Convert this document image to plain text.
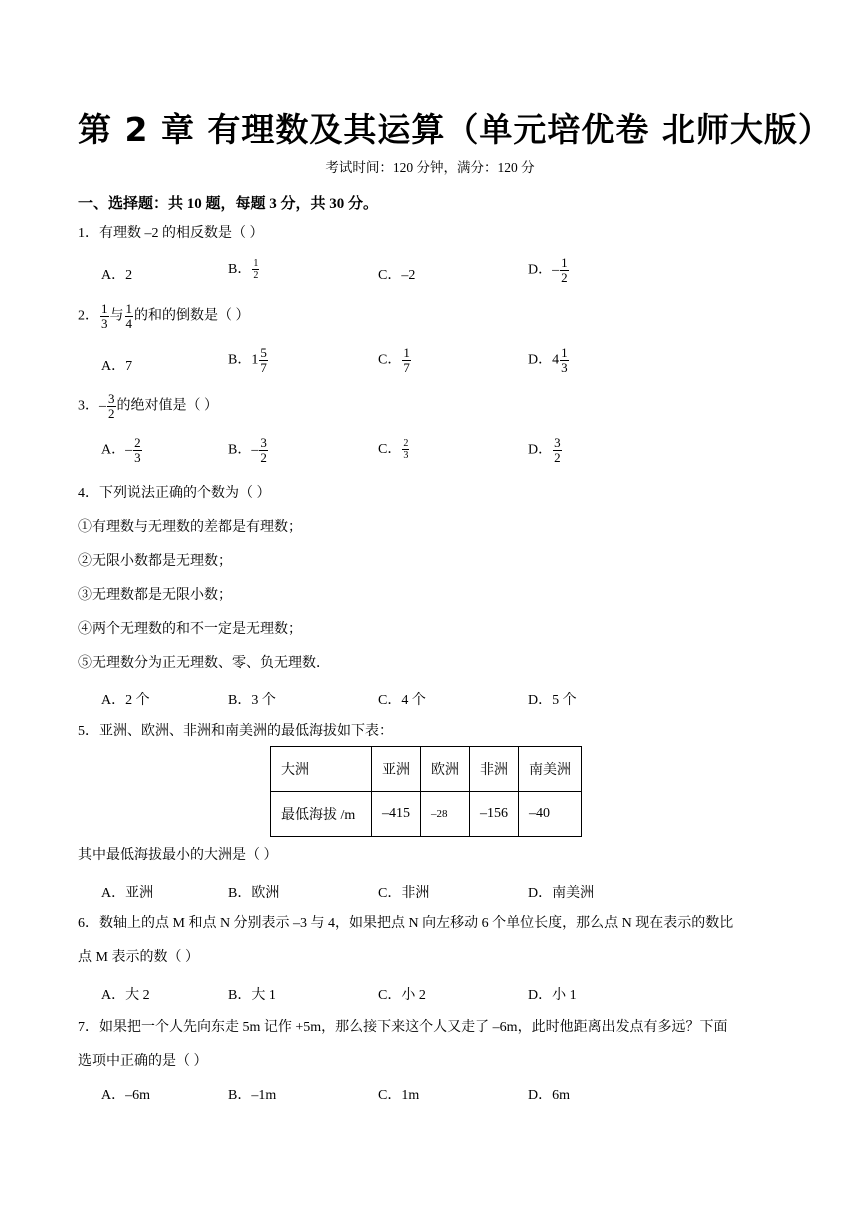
第 2 章 有理数及其运算（单元培优卷 北师大版）
考试时间：120 分钟，满分：120 分
一、选择题：共 10 题，每题 3 分，共 30 分。
1．有理数 –2 的相反数是（ ）
A．2	B． $\frac{1}{2}$	C．–2	D．– $\frac{1}{2}$
2． $\frac{1}{3}$ 与 $\frac{1}{4}$ 的和的倒数是（ ）
A．7	B．$1 \frac{5}{7}$	C． $\frac{1}{7}$	D．$4 \frac{1}{3}$
3．– $\frac{3}{2}$ 的绝对值是（ ）
A．– $\frac{2}{3}$	B．– $\frac{3}{2}$	C． $\frac{2}{3}$	D． $\frac{3}{2}$
4．下列说法正确的个数为（ ）
①有理数与无理数的差都是有理数；
②无限小数都是无理数；
③无理数都是无限小数；
④两个无理数的和不一定是无理数；
⑤无理数分为正无理数、零、负无理数．
A．2 个	B．3 个	C．4 个	D．5 个
5．亚洲、欧洲、非洲和南美洲的最低海拔如下表：
大洲	亚洲	欧洲	非洲	南美洲
最低海拔 /m	–415	–28	–156	–40
其中最低海拔最小的大洲是（ ）
A．亚洲	B．欧洲	C．非洲	D．南美洲
6．数轴上的点 M 和点 N 分别表示 –3 与 4，如果把点 N 向左移动 6 个单位长度，那么点 N 现在表示的数比
点 M 表示的数（ ）
A．大 2	B．大 1	C．小 2	D．小 1
7．如果把一个人先向东走 5m 记作 +5m，那么接下来这个人又走了 –6m，此时他距离出发点有多远？下面
选项中正确的是（ ）
A．–6m	B．–1m	C．1m	D．6m
